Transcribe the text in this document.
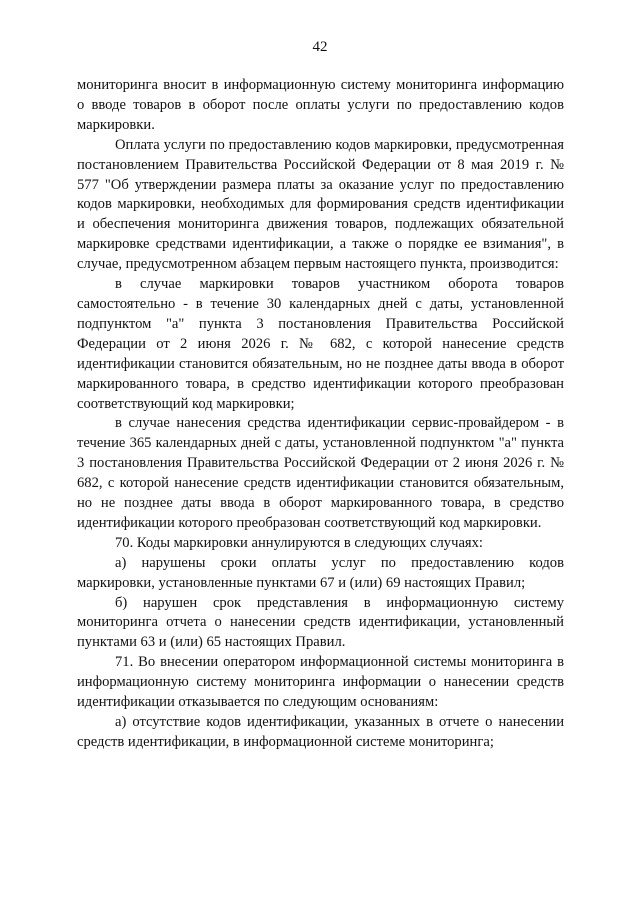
42

мониторинга вносит в информационную систему мониторинга информацию о вводе товаров в оборот после оплаты услуги по предоставлению кодов маркировки.

Оплата услуги по предоставлению кодов маркировки, предусмотренная постановлением Правительства Российской Федерации от 8 мая 2019 г. № 577 "Об утверждении размера платы за оказание услуг по предоставлению кодов маркировки, необходимых для формирования средств идентификации и обеспечения мониторинга движения товаров, подлежащих обязательной маркировке средствами идентификации, а также о порядке ее взимания", в случае, предусмотренном абзацем первым настоящего пункта, производится:

в случае маркировки товаров участником оборота товаров самостоятельно - в течение 30 календарных дней с даты, установленной подпунктом "а" пункта 3 постановления Правительства Российской Федерации от 2 июня 2026 г. № 682, с которой нанесение средств идентификации становится обязательным, но не позднее даты ввода в оборот маркированного товара, в средство идентификации которого преобразован соответствующий код маркировки;

в случае нанесения средства идентификации сервис-провайдером - в течение 365 календарных дней с даты, установленной подпунктом "а" пункта 3 постановления Правительства Российской Федерации от 2 июня 2026 г. № 682, с которой нанесение средств идентификации становится обязательным, но не позднее даты ввода в оборот маркированного товара, в средство идентификации которого преобразован соответствующий код маркировки.

70. Коды маркировки аннулируются в следующих случаях:

а) нарушены сроки оплаты услуг по предоставлению кодов маркировки, установленные пунктами 67 и (или) 69 настоящих Правил;

б) нарушен срок представления в информационную систему мониторинга отчета о нанесении средств идентификации, установленный пунктами 63 и (или) 65 настоящих Правил.

71. Во внесении оператором информационной системы мониторинга в информационную систему мониторинга информации о нанесении средств идентификации отказывается по следующим основаниям:

а) отсутствие кодов идентификации, указанных в отчете о нанесении средств идентификации, в информационной системе мониторинга;
